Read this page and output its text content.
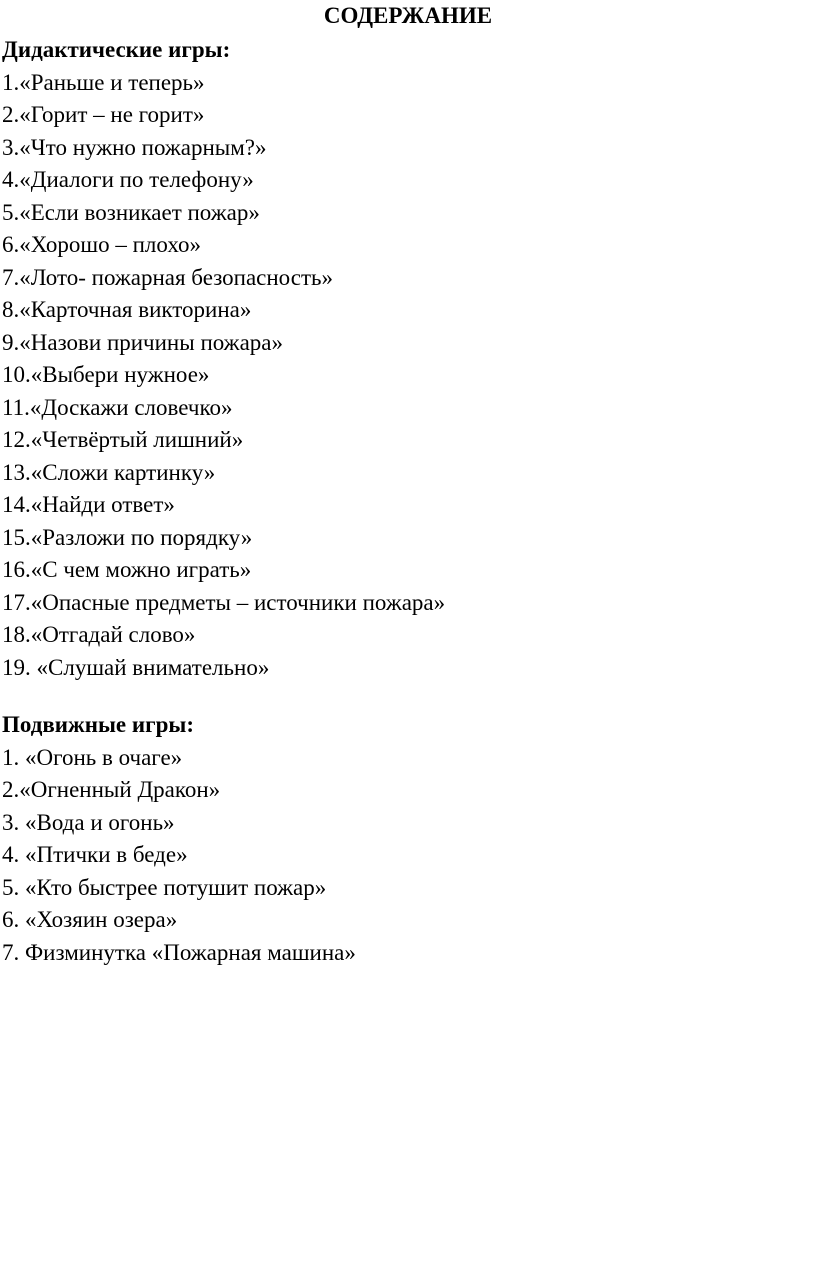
СОДЕРЖАНИЕ
Дидактические игры:
1.«Раньше и теперь»
2.«Горит – не горит»
3.«Что нужно пожарным?»
4.«Диалоги по телефону»
5.«Если возникает пожар»
6.«Хорошо – плохо»
7.«Лото- пожарная безопасность»
8.«Карточная викторина»
9.«Назови причины пожара»
10.«Выбери нужное»
11.«Доскажи словечко»
12.«Четвёртый лишний»
13.«Сложи картинку»
14.«Найди ответ»
15.«Разложи по порядку»
16.«С чем можно играть»
17.«Опасные предметы – источники пожара»
18.«Отгадай слово»
19. «Слушай внимательно»
Подвижные игры:
1. «Огонь в очаге»
2.«Огненный Дракон»
3. «Вода и огонь»
4. «Птички в беде»
5. «Кто быстрее потушит пожар»
6. «Хозяин озера»
7. Физминутка «Пожарная машина»
